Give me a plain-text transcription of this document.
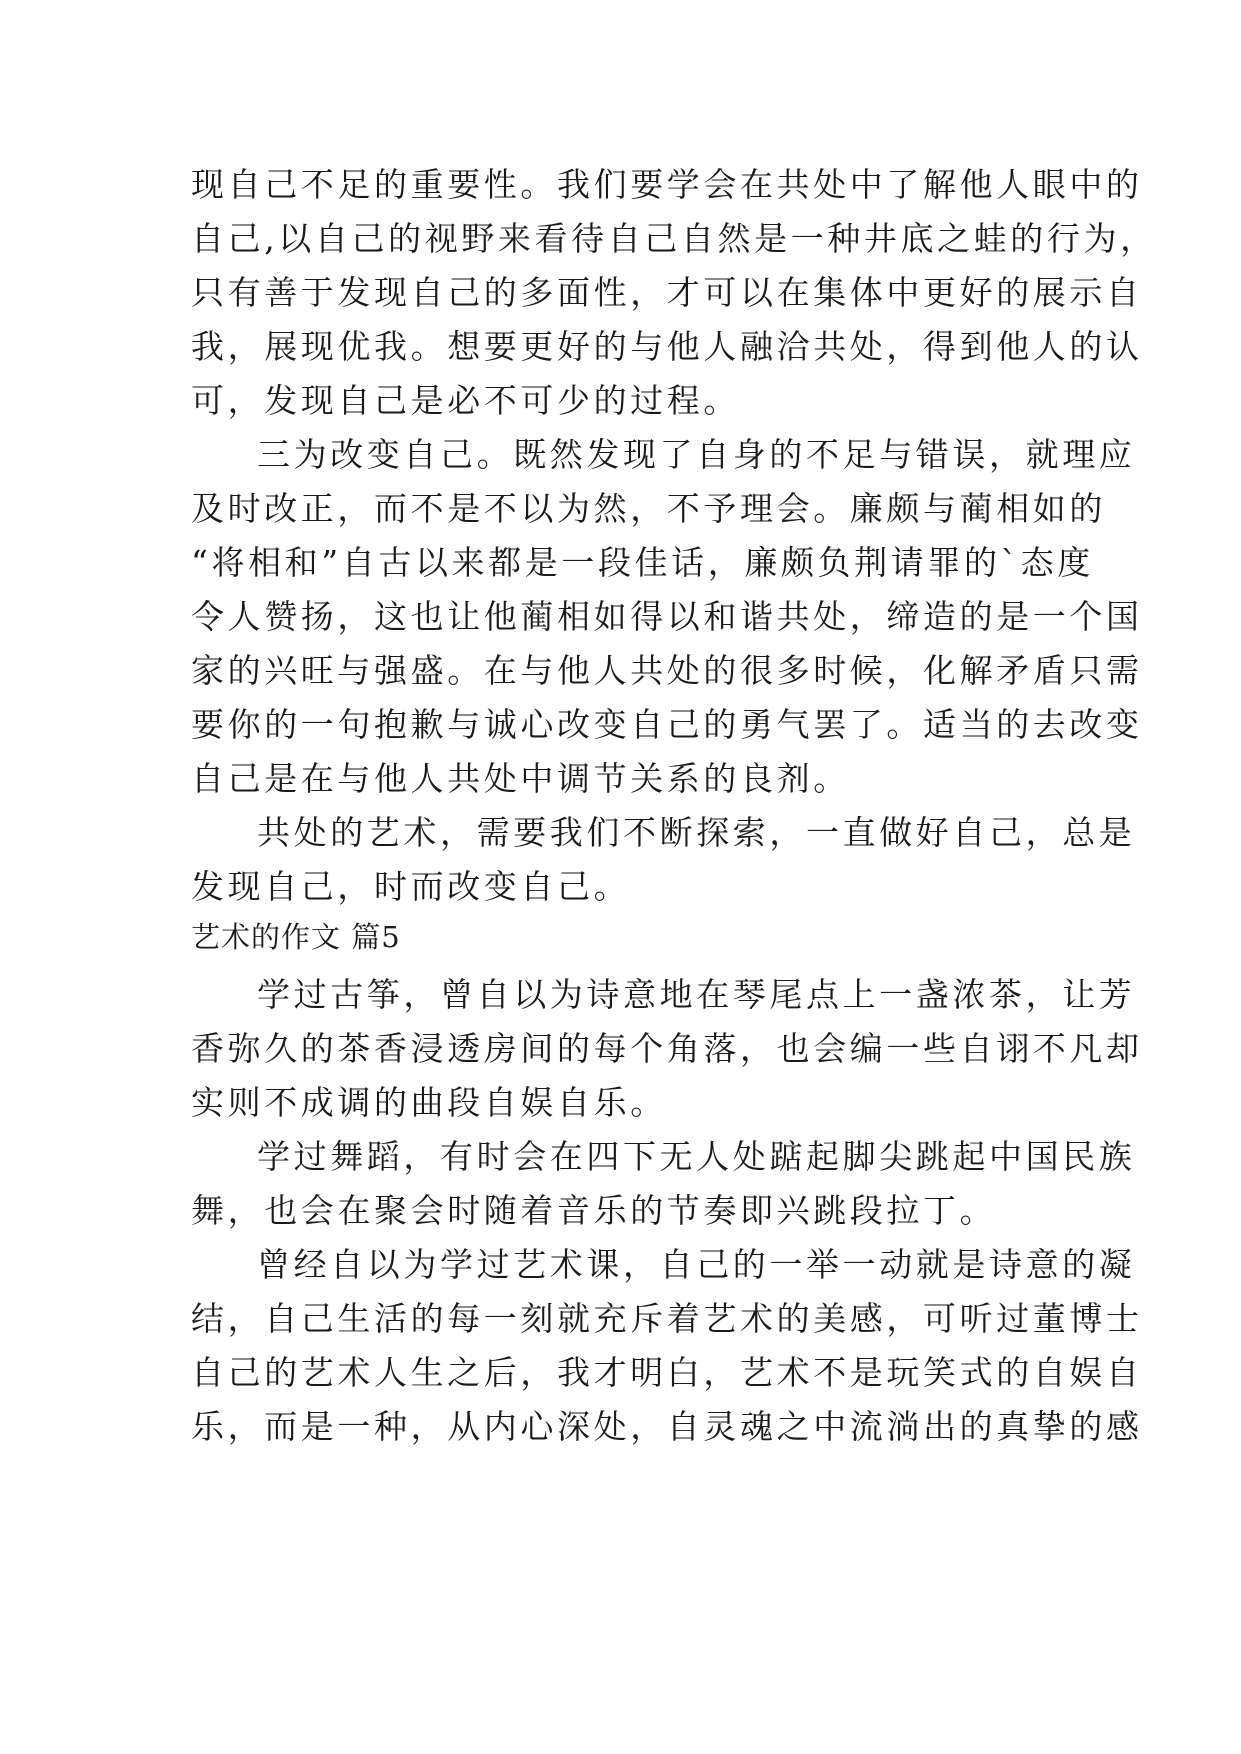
现自己不足的重要性。我们要学会在共处中了解他人眼中的
自己,以自己的视野来看待自己自然是一种井底之蛙的行为，
只有善于发现自己的多面性，才可以在集体中更好的展示自
我，展现优我。想要更好的与他人融洽共处，得到他人的认
可，发现自己是必不可少的过程。
三为改变自己。既然发现了自身的不足与错误，就理应
及时改正，而不是不以为然，不予理会。廉颇与蔺相如的
“将相和”自古以来都是一段佳话，廉颇负荆请罪的`态度
令人赞扬，这也让他蔺相如得以和谐共处，缔造的是一个国
家的兴旺与强盛。在与他人共处的很多时候，化解矛盾只需
要你的一句抱歉与诚心改变自己的勇气罢了。适当的去改变
自己是在与他人共处中调节关系的良剂。
共处的艺术，需要我们不断探索，一直做好自己，总是
发现自己，时而改变自己。
艺术的作文 篇5
学过古筝，曾自以为诗意地在琴尾点上一盏浓茶，让芳
香弥久的茶香浸透房间的每个角落，也会编一些自诩不凡却
实则不成调的曲段自娱自乐。
学过舞蹈，有时会在四下无人处踮起脚尖跳起中国民族
舞，也会在聚会时随着音乐的节奏即兴跳段拉丁。
曾经自以为学过艺术课，自己的一举一动就是诗意的凝
结，自己生活的每一刻就充斥着艺术的美感，可听过董博士
自己的艺术人生之后，我才明白，艺术不是玩笑式的自娱自
乐，而是一种，从内心深处，自灵魂之中流淌出的真挚的感
